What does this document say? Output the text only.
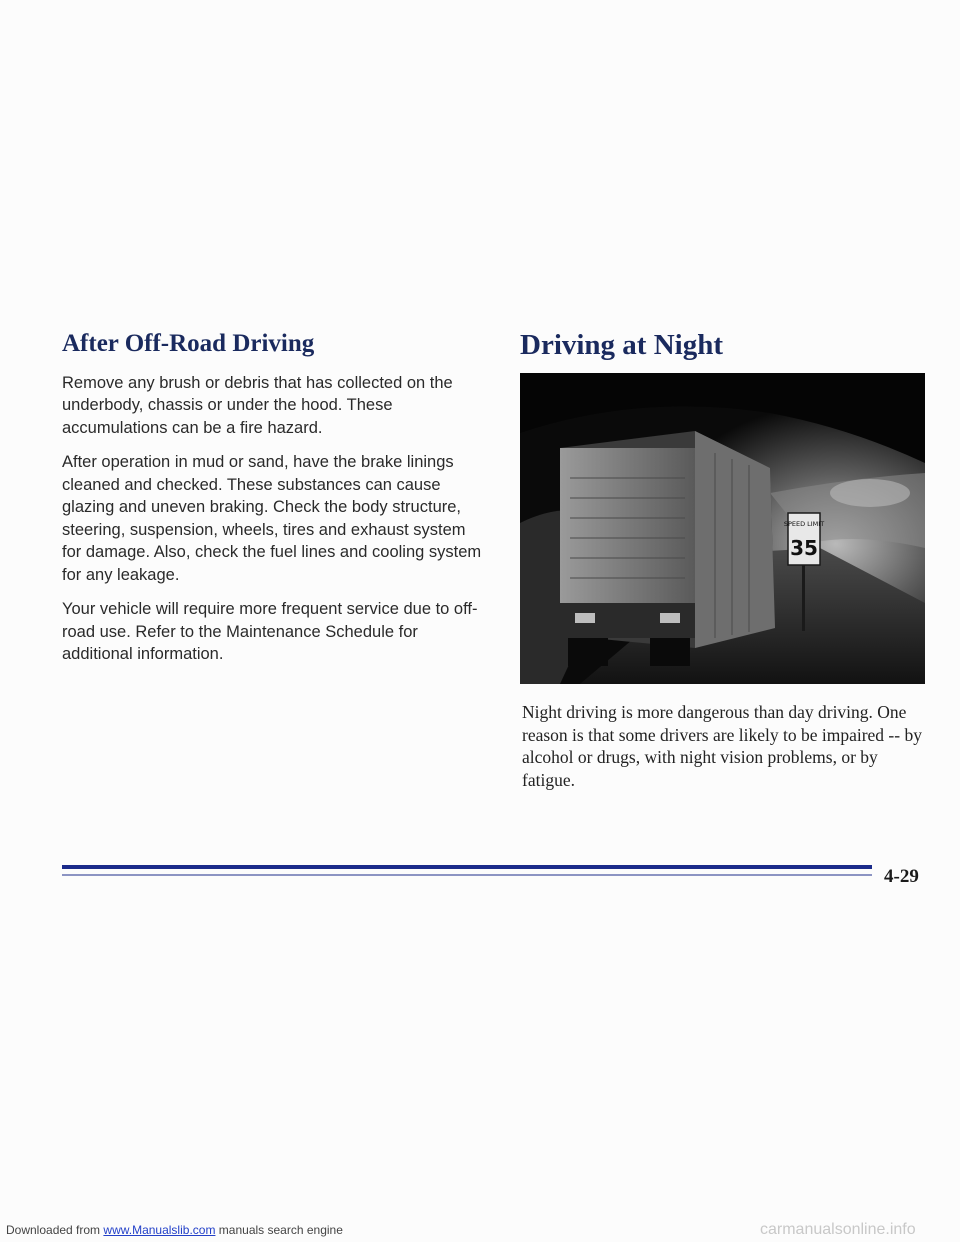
After Off-Road Driving

Remove any brush or debris that has collected on the underbody, chassis or under the hood. These accumulations can be a fire hazard.

After operation in mud or sand, have the brake linings cleaned and checked. These substances can cause glazing and uneven braking. Check the body structure, steering, suspension, wheels, tires and exhaust system for damage. Also, check the fuel lines and cooling system for any leakage.

Your vehicle will require more frequent service due to off-road use. Refer to the Maintenance Schedule for additional information.

Driving at Night
SPEED LIMIT
35

Night driving is more dangerous than day driving. One reason is that some drivers are likely to be impaired -- by alcohol or drugs, with night vision problems, or by fatigue.

4-29
Downloaded from www.Manualslib.com manuals search engine	carmanualsonline.info
